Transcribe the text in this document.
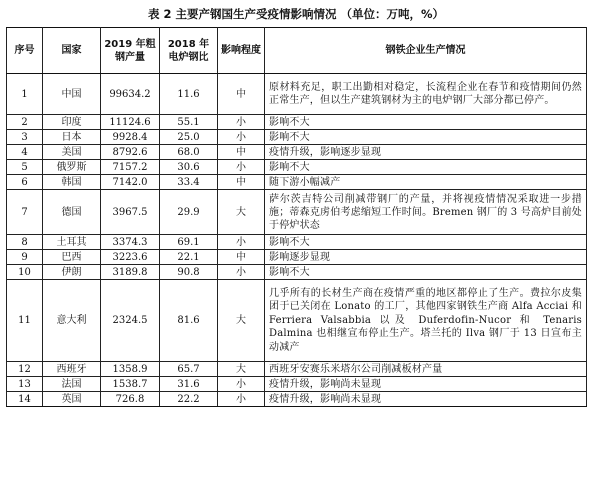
表 2 主要产钢国生产受疫情影响情况 （单位：万吨，%）
序号	国家	2019 年粗钢产量	2018 年电炉钢比	影响程度	钢铁企业生产情况
1	中国	99634.2	11.6	中	原材料充足，职工出勤相对稳定，长流程企业在春节和疫情期间仍然正常生产，但以生产建筑钢材为主的电炉钢厂大部分都已停产。
2	印度	11124.6	55.1	小	影响不大
3	日本	9928.4	25.0	小	影响不大
4	美国	8792.6	68.0	中	疫情升级，影响逐步显现
5	俄罗斯	7157.2	30.6	小	影响不大
6	韩国	7142.0	33.4	中	随下游小幅减产
7	德国	3967.5	29.9	大	萨尔茨吉特公司削减带钢厂的产量，并将视疫情情况采取进一步措施；蒂森克虏伯考虑缩短工作时间。Bremen 钢厂的 3 号高炉目前处于停炉状态
8	土耳其	3374.3	69.1	小	影响不大
9	巴西	3223.6	22.1	中	影响逐步显现
10	伊朗	3189.8	90.8	小	影响不大
11	意大利	2324.5	81.6	大	几乎所有的长材生产商在疫情严重的地区都停止了生产。费拉尔皮集团于已关闭在 Lonato 的工厂，其他四家钢铁生产商 Alfa Acciai 和 Ferriera Valsabbia 以及 Duferdofin-Nucor 和 Tenaris Dalmina 也相继宣布停止生产。塔兰托的 Ilva 钢厂于 13 日宣布主动减产
12	西班牙	1358.9	65.7	大	西班牙安赛乐米塔尔公司削减板材产量
13	法国	1538.7	31.6	小	疫情升级，影响尚未显现
14	英国	726.8	22.2	小	疫情升级，影响尚未显现
